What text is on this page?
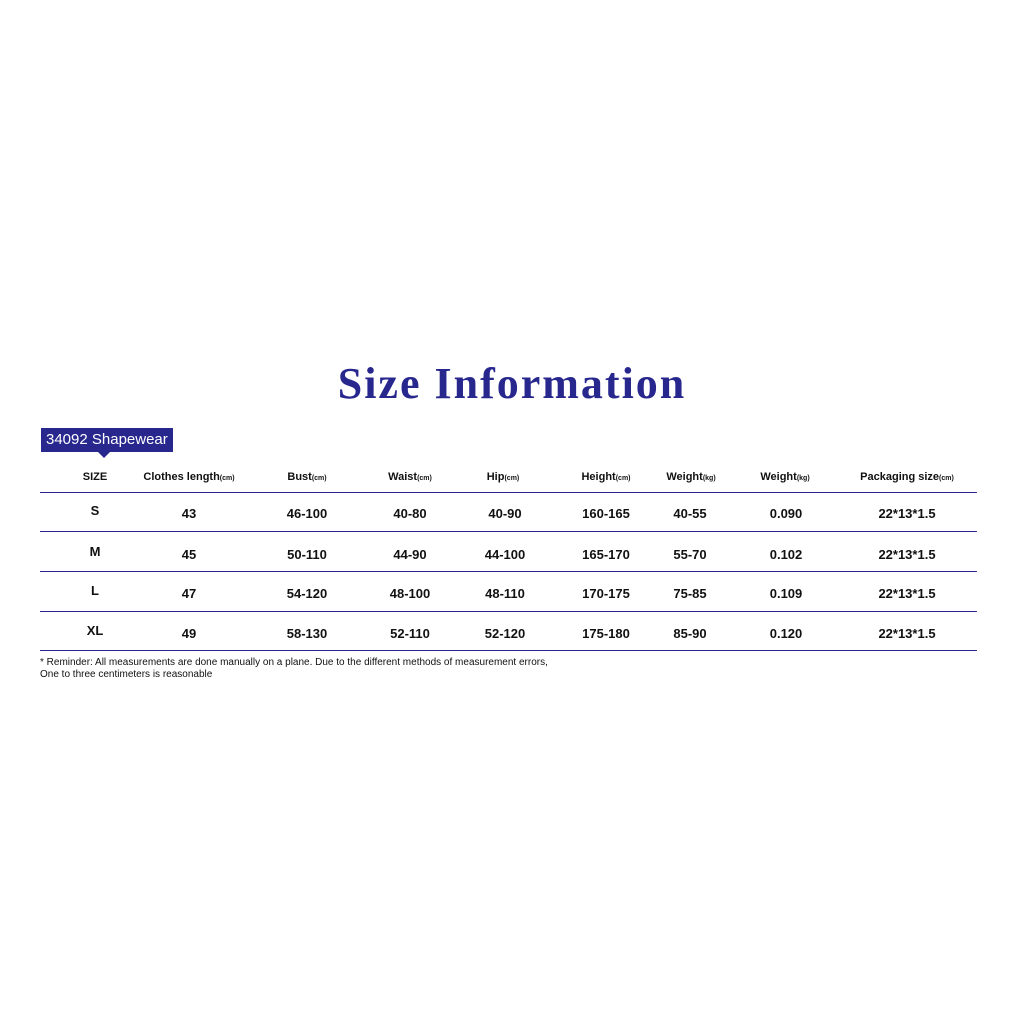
Size Information
34092 Shapewear
SIZE	Clothes length(cm)	Bust(cm)	Waist(cm)	Hip(cm)	Height(cm)	Weight(kg)	Weight(kg)	Packaging size(cm)
S	43	46-100	40-80	40-90	160-165	40-55	0.090	22*13*1.5
M	45	50-110	44-90	44-100	165-170	55-70	0.102	22*13*1.5
L	47	54-120	48-100	48-110	170-175	75-85	0.109	22*13*1.5
XL	49	58-130	52-110	52-120	175-180	85-90	0.120	22*13*1.5
* Reminder: All measurements are done manually on a plane. Due to the different methods of measurement errors,
One to three centimeters is reasonable
